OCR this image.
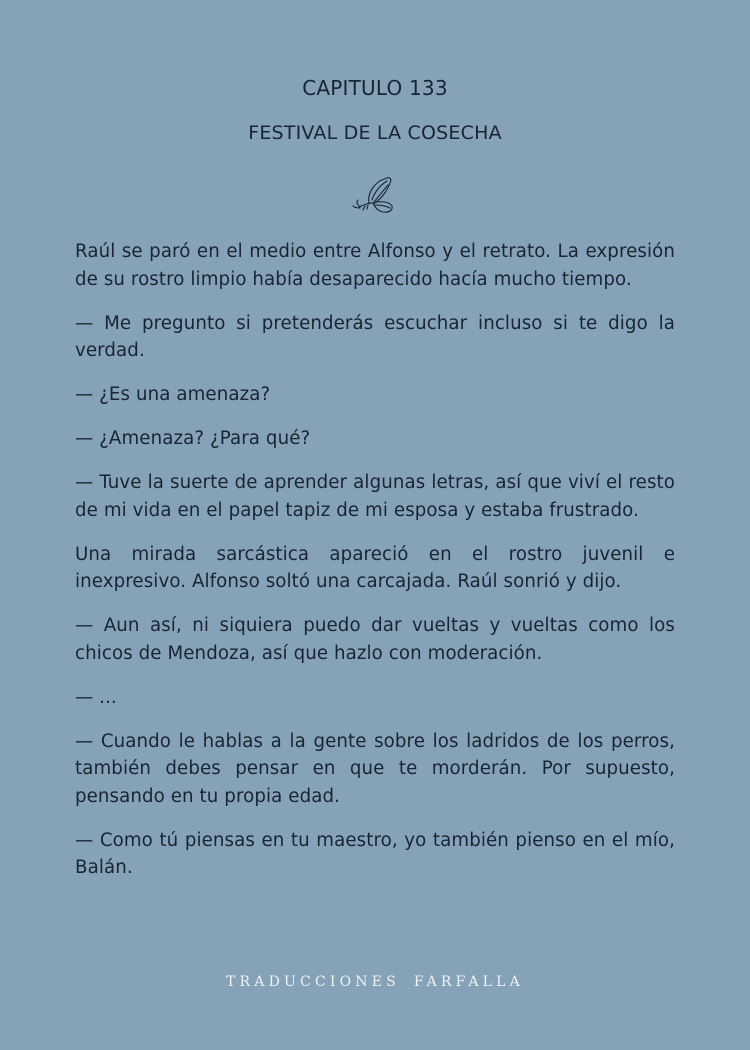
CAPITULO 133
FESTIVAL DE LA COSECHA

Raúl se paró en el medio entre Alfonso y el retrato. La expresión de su rostro limpio había desaparecido hacía mucho tiempo.

— Me pregunto si pretenderás escuchar incluso si te digo la verdad.

— ¿Es una amenaza?

— ¿Amenaza? ¿Para qué?

— Tuve la suerte de aprender algunas letras, así que viví el resto de mi vida en el papel tapiz de mi esposa y estaba frustrado.

Una mirada sarcástica apareció en el rostro juvenil e inexpresivo. Alfonso soltó una carcajada. Raúl sonrió y dijo.

— Aun así, ni siquiera puedo dar vueltas y vueltas como los chicos de Mendoza, así que hazlo con moderación.

— ...

— Cuando le hablas a la gente sobre los ladridos de los perros, también debes pensar en que te morderán. Por supuesto, pensando en tu propia edad.

— Como tú piensas en tu maestro, yo también pienso en el mío, Balán.

TRADUCCIONES FARFALLA
